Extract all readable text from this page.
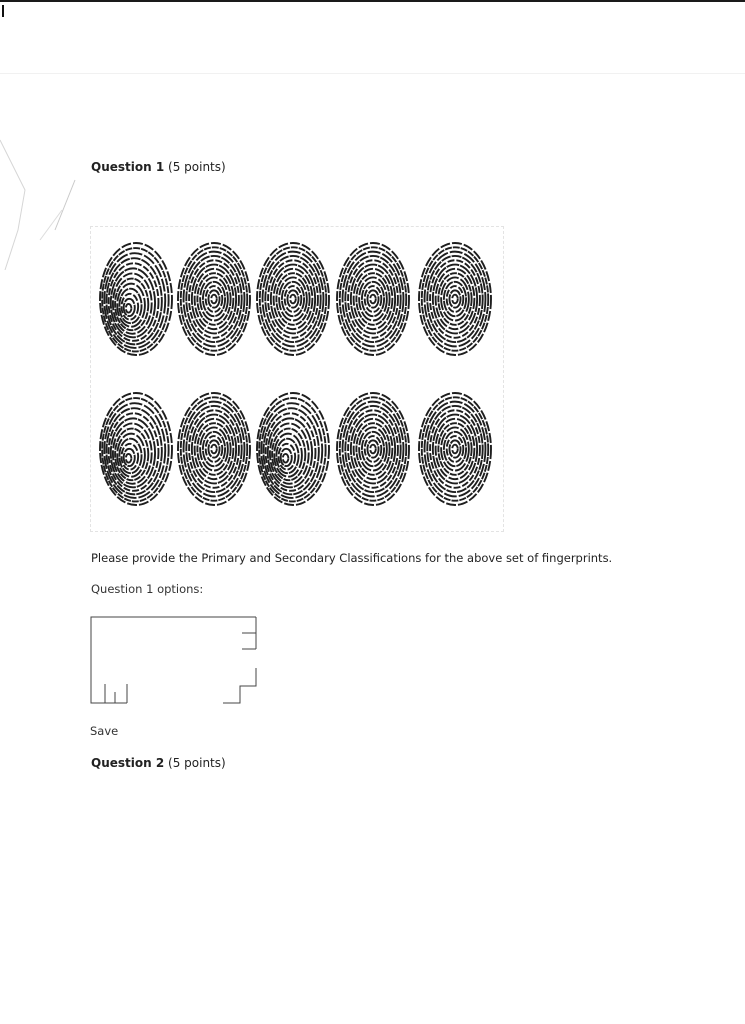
Question 1 (5 points)
Please provide the Primary and Secondary Classifications for the above set of fingerprints.
Question 1 options:
Save
Question 2 (5 points)
